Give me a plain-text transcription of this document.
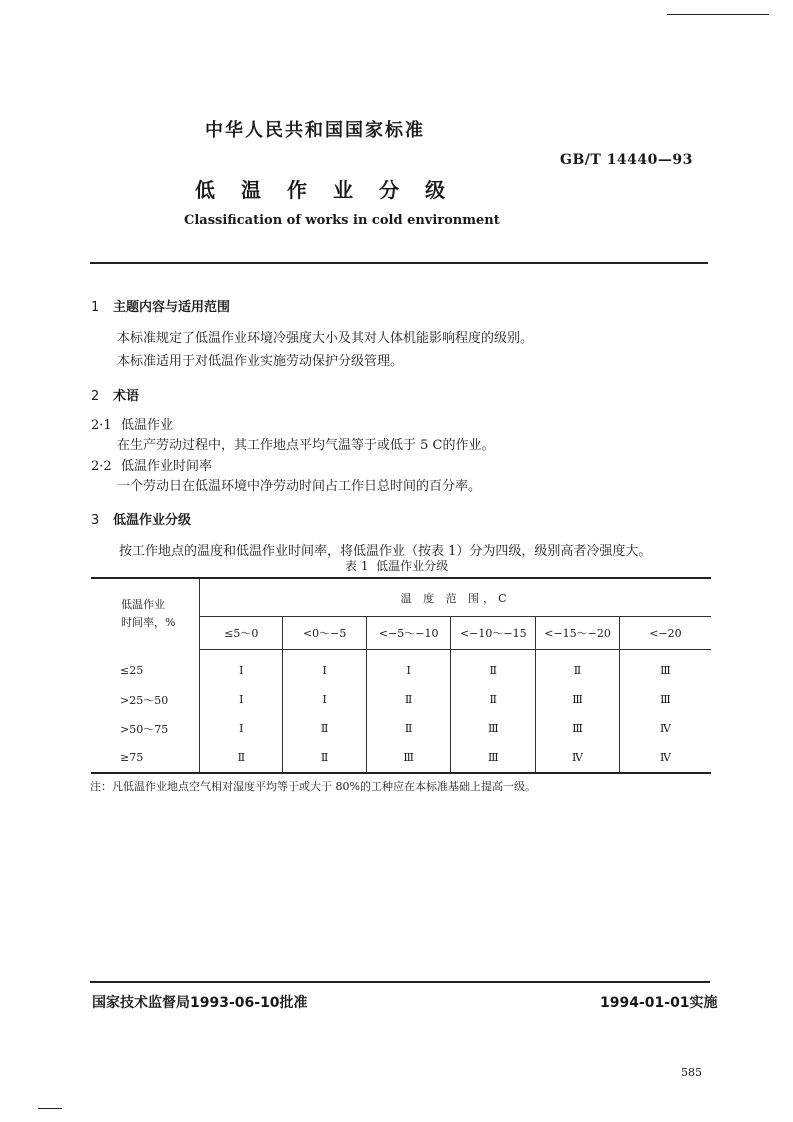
中华人民共和国国家标准
GB/T 14440—93
低温作业分级
Classification of works in cold environment
1 主题内容与适用范围
本标准规定了低温作业环境冷强度大小及其对人体机能影响程度的级别。
本标准适用于对低温作业实施劳动保护分级管理。
2 术语
2·1 低温作业
在生产劳动过程中，其工作地点平均气温等于或低于 5 C的作业。
2·2 低温作业时间率
一个劳动日在低温环境中净劳动时间占工作日总时间的百分率。
3 低温作业分级
按工作地点的温度和低温作业时间率，将低温作业（按表 1）分为四级，级别高者冷强度大。
表 1  低温作业分级
低温作业
时间率，%	温 度 范 围，C					
	≤5～0	<0～−5	<−5～−10	<−10～−15	<−15～−20	<−20
≤25	Ⅰ	Ⅰ	Ⅰ	Ⅱ	Ⅱ	Ⅲ
>25～50	Ⅰ	Ⅰ	Ⅱ	Ⅱ	Ⅲ	Ⅲ
>50～75	Ⅰ	Ⅱ	Ⅱ	Ⅲ	Ⅲ	Ⅳ
≥75	Ⅱ	Ⅱ	Ⅲ	Ⅲ	Ⅳ	Ⅳ
注：凡低温作业地点空气相对湿度平均等于或大于 80%的工种应在本标准基础上提高一级。
国家技术监督局1993-06-10批准	1994-01-01实施
585
